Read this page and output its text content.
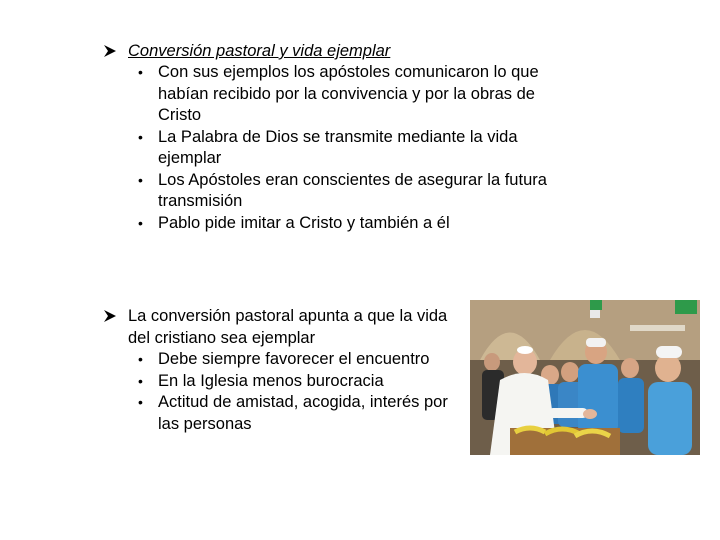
Conversión pastoral y vida ejemplar
• Con sus ejemplos los apóstoles comunicaron lo que habían recibido por la convivencia y por la obras de Cristo
• La Palabra de Dios se transmite mediante la vida ejemplar
• Los Apóstoles eran conscientes de asegurar la futura transmisión
• Pablo pide imitar a Cristo y también a él
La conversión pastoral apunta a que la vida del cristiano sea ejemplar
• Debe siempre favorecer el encuentro
• En la Iglesia menos burocracia
• Actitud de amistad, acogida, interés por las personas
